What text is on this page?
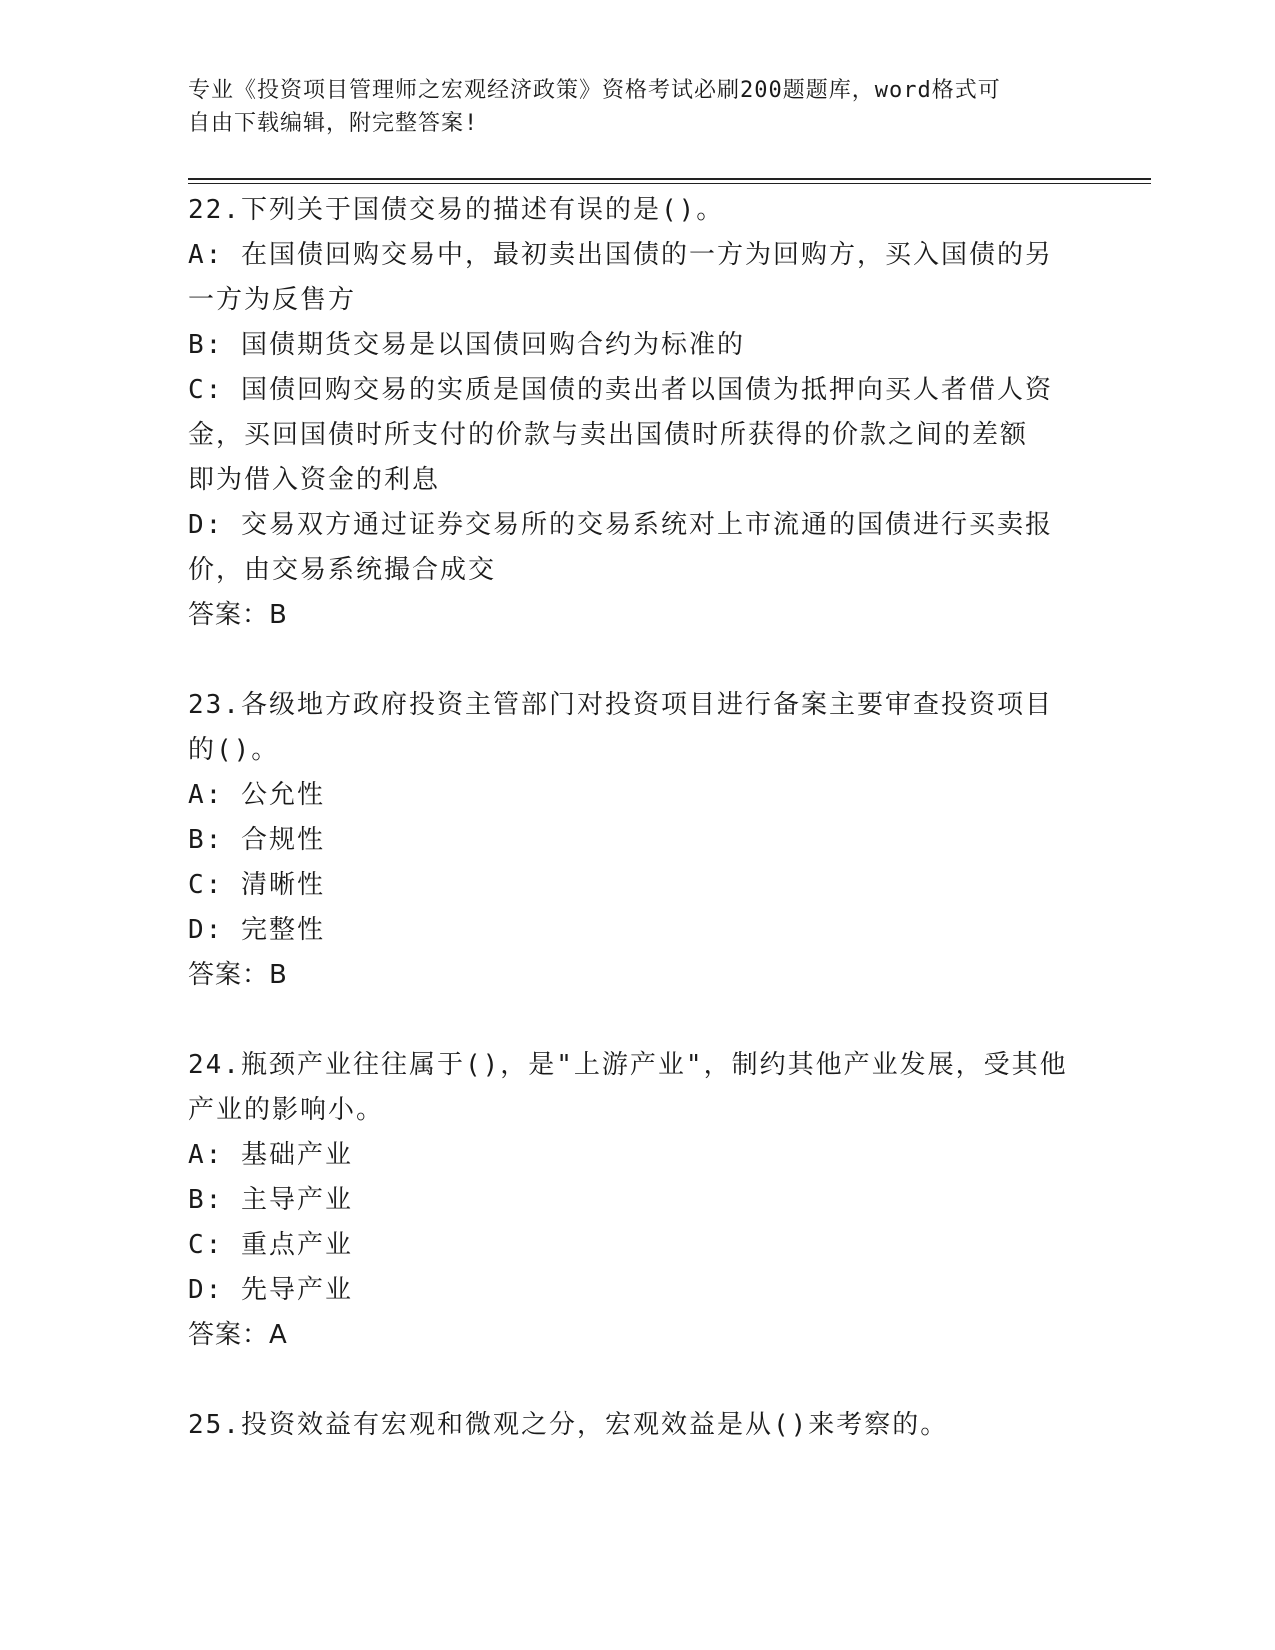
专业《投资项目管理师之宏观经济政策》资格考试必刷200题题库，word格式可
自由下载编辑，附完整答案!
22.下列关于国债交易的描述有误的是()。
A: 在国债回购交易中，最初卖出国债的一方为回购方，买入国债的另
一方为反售方
B: 国债期货交易是以国债回购合约为标准的
C: 国债回购交易的实质是国债的卖出者以国债为抵押向买人者借人资
金，买回国债时所支付的价款与卖出国债时所获得的价款之间的差额
即为借入资金的利息
D: 交易双方通过证券交易所的交易系统对上市流通的国债进行买卖报
价，由交易系统撮合成交
答案：B
23.各级地方政府投资主管部门对投资项目进行备案主要审查投资项目
的()。
A: 公允性
B: 合规性
C: 清晰性
D: 完整性
答案：B
24.瓶颈产业往往属于()，是"上游产业"，制约其他产业发展，受其他
产业的影响小。
A: 基础产业
B: 主导产业
C: 重点产业
D: 先导产业
答案：A
25.投资效益有宏观和微观之分，宏观效益是从()来考察的。
